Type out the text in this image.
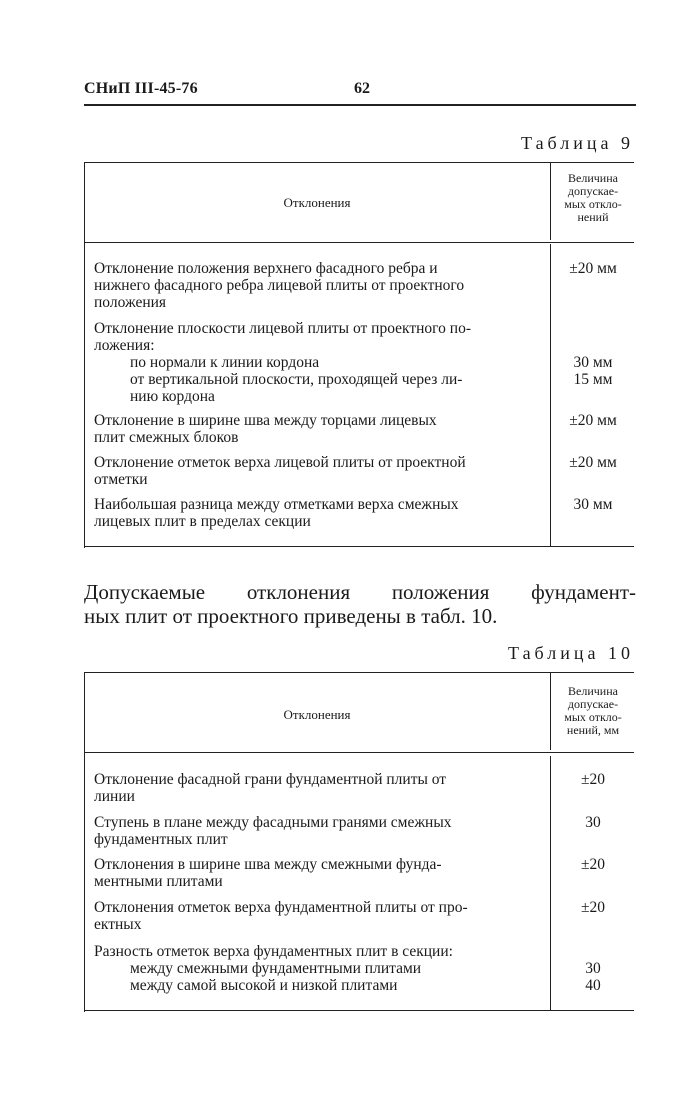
СНиП III-45-76	62
Таблица 9
Отклонения
Величина
допускае-
мых откло-
нений
Отклонение положения верхнего фасадного ребра и
нижнего фасадного ребра лицевой плиты от проектного
положения
±20 мм
Отклонение плоскости лицевой плиты от проектного по-
ложения:
по нормали к линии кордона
от вертикальной плоскости, проходящей через ли-
нию кордона
30 мм
15 мм
Отклонение в ширине шва между торцами лицевых
плит смежных блоков
±20 мм
Отклонение отметок верха лицевой плиты от проектной
отметки
±20 мм
Наибольшая разница между отметками верха смежных
лицевых плит в пределах секции
30 мм
Допускаемые отклонения положения фундамент-
ных плит от проектного приведены в табл. 10.
Таблица 10
Отклонения
Величина
допускае-
мых откло-
нений, мм
Отклонение фасадной грани фундаментной плиты от
линии
±20
Ступень в плане между фасадными гранями смежных
фундаментных плит
30
Отклонения в ширине шва между смежными фунда-
ментными плитами
±20
Отклонения отметок верха фундаментной плиты от про-
ектных
±20
Разность отметок верха фундаментных плит в секции:
между смежными фундаментными плитами
между самой высокой и низкой плитами
30
40
